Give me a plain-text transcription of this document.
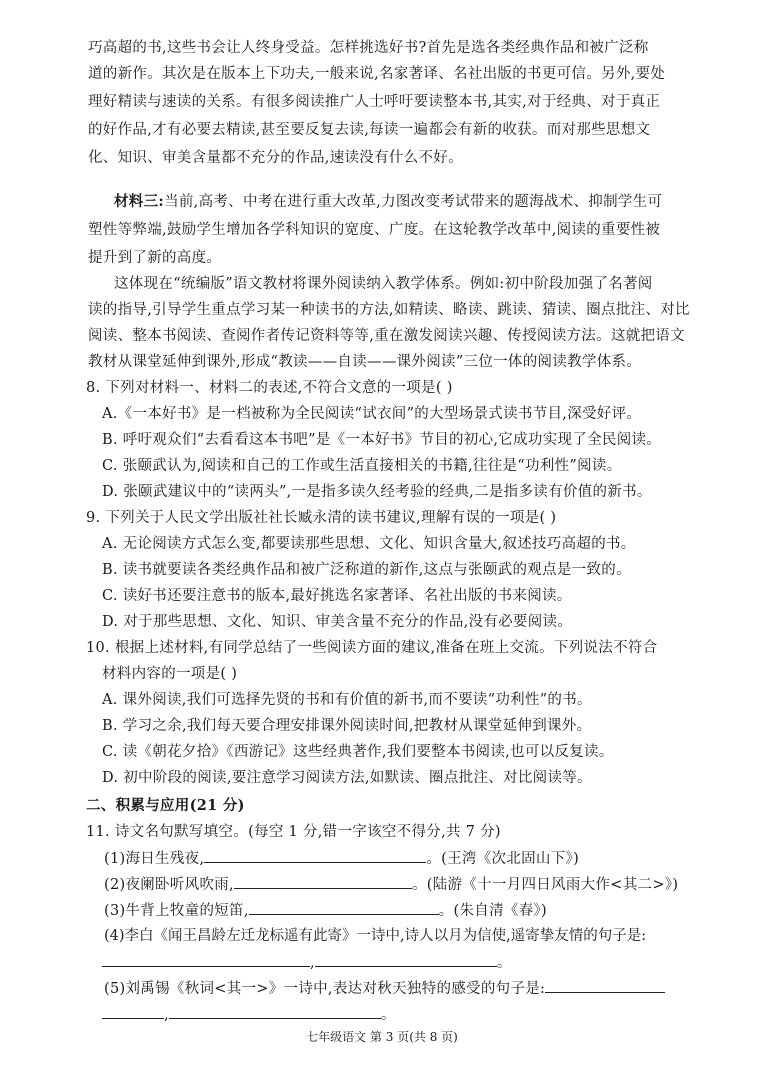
巧高超的书,这些书会让人终身受益。怎样挑选好书?首先是选各类经典作品和被广泛称
道的新作。其次是在版本上下功夫,一般来说,名家著译、名社出版的书更可信。另外,要处
理好精读与速读的关系。有很多阅读推广人士呼吁要读整本书,其实,对于经典、对于真正
的好作品,才有必要去精读,甚至要反复去读,每读一遍都会有新的收获。而对那些思想文
化、知识、审美含量都不充分的作品,速读没有什么不好。
材料三:当前,高考、中考在进行重大改革,力图改变考试带来的题海战术、抑制学生可
塑性等弊端,鼓励学生增加各学科知识的宽度、广度。在这轮教学改革中,阅读的重要性被
提升到了新的高度。
这体现在“统编版”语文教材将课外阅读纳入教学体系。例如:初中阶段加强了名著阅
读的指导,引导学生重点学习某一种读书的方法,如精读、略读、跳读、猜读、圈点批注、对比
阅读、整本书阅读、查阅作者传记资料等等,重在激发阅读兴趣、传授阅读方法。这就把语文
教材从课堂延伸到课外,形成“教读——自读——课外阅读”三位一体的阅读教学体系。
8. 下列对材料一、材料二的表述,不符合文意的一项是( )
A.《一本好书》是一档被称为全民阅读“试衣间”的大型场景式读书节目,深受好评。
B. 呼吁观众们“去看看这本书吧”是《一本好书》节目的初心,它成功实现了全民阅读。
C. 张颐武认为,阅读和自己的工作或生活直接相关的书籍,往往是“功利性”阅读。
D. 张颐武建议中的“读两头”,一是指多读久经考验的经典,二是指多读有价值的新书。
9. 下列关于人民文学出版社社长臧永清的读书建议,理解有误的一项是( )
A. 无论阅读方式怎么变,都要读那些思想、文化、知识含量大,叙述技巧高超的书。
B. 读书就要读各类经典作品和被广泛称道的新作,这点与张颐武的观点是一致的。
C. 读好书还要注意书的版本,最好挑选名家著译、名社出版的书来阅读。
D. 对于那些思想、文化、知识、审美含量不充分的作品,没有必要阅读。
10. 根据上述材料,有同学总结了一些阅读方面的建议,准备在班上交流。下列说法不符合
材料内容的一项是( )
A. 课外阅读,我们可选择先贤的书和有价值的新书,而不要读“功利性”的书。
B. 学习之余,我们每天要合理安排课外阅读时间,把教材从课堂延伸到课外。
C. 读《朝花夕拾》《西游记》这些经典著作,我们要整本书阅读,也可以反复读。
D. 初中阶段的阅读,要注意学习阅读方法,如默读、圈点批注、对比阅读等。
二、积累与应用(21 分)
11. 诗文名句默写填空。(每空 1 分,错一字该空不得分,共 7 分)
(1)海日生残夜,	。(王湾《次北固山下》)
(2)夜阑卧听风吹雨,	。(陆游《十一月四日风雨大作<其二>》)
(3)牛背上牧童的短笛,	。(朱自清《春》)
(4)李白《闻王昌龄左迁龙标遥有此寄》一诗中,诗人以月为信使,遥寄挚友情的句子是:
,	。
(5)刘禹锡《秋词<其一>》一诗中,表达对秋天独特的感受的句子是:
,	。
七年级语文 第 3 页(共 8 页)
